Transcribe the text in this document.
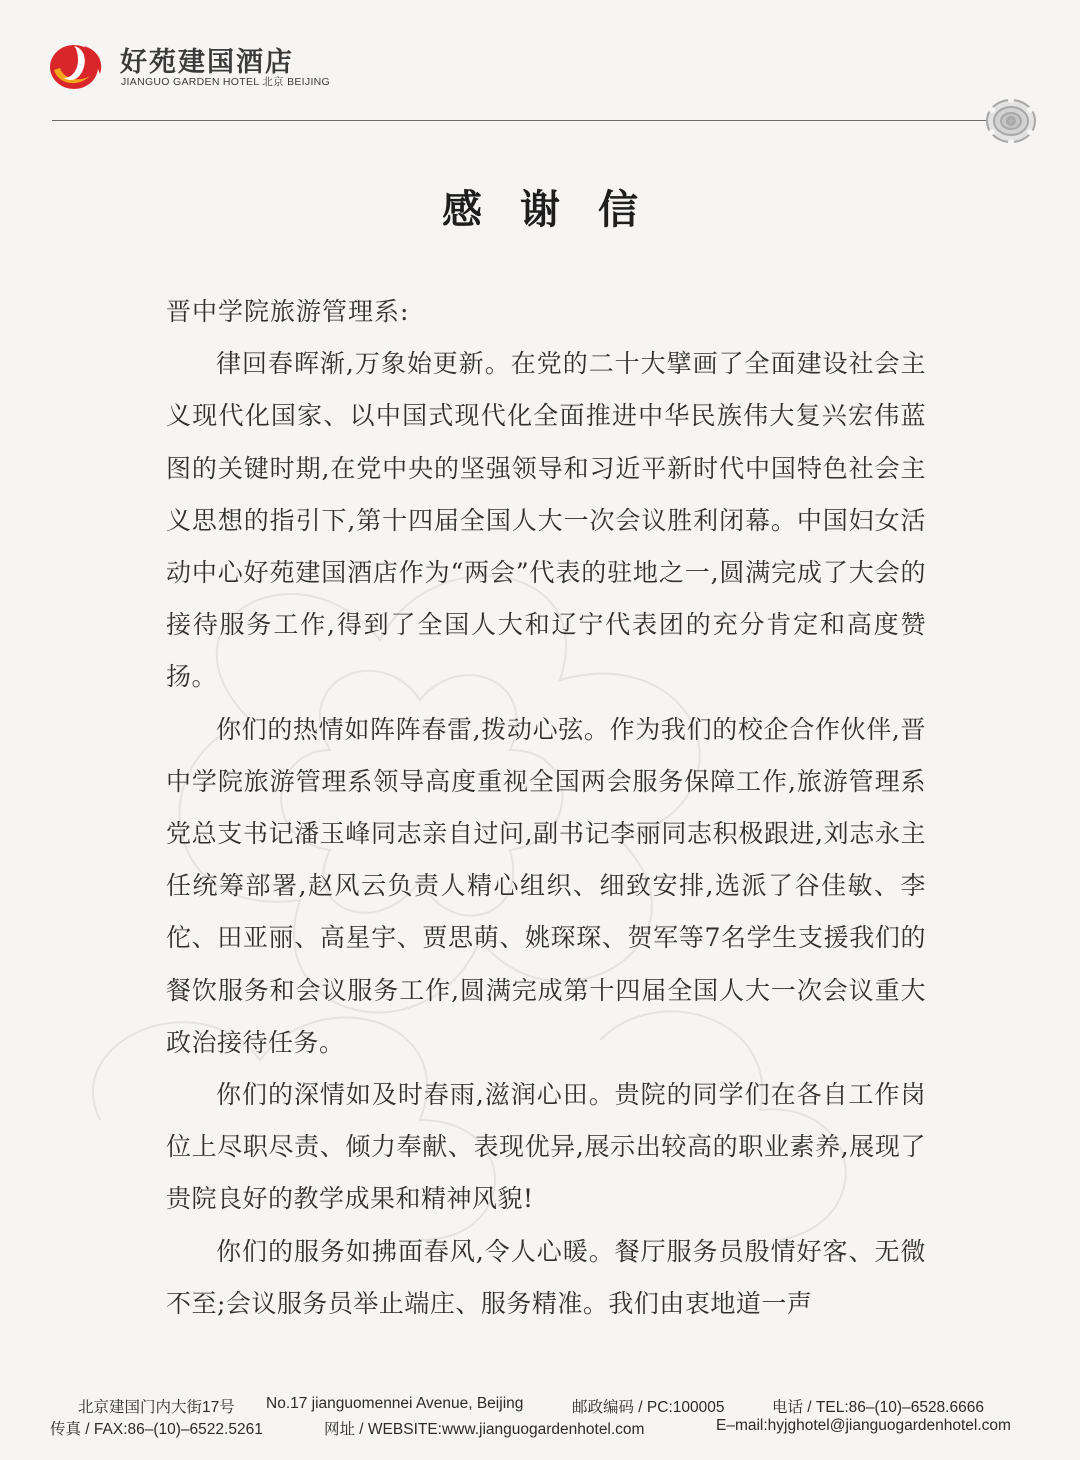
好苑建国酒店
JIANGUO GARDEN HOTEL 北京 BEIJING
感谢信

晋中学院旅游管理系:

律回春晖渐,万象始更新。在党的二十大擘画了全面建设社会主义现代化国家、以中国式现代化全面推进中华民族伟大复兴宏伟蓝图的关键时期,在党中央的坚强领导和习近平新时代中国特色社会主义思想的指引下,第十四届全国人大一次会议胜利闭幕。中国妇女活动中心好苑建国酒店作为“两会”代表的驻地之一,圆满完成了大会的接待服务工作,得到了全国人大和辽宁代表团的充分肯定和高度赞扬。

你们的热情如阵阵春雷,拨动心弦。作为我们的校企合作伙伴,晋中学院旅游管理系领导高度重视全国两会服务保障工作,旅游管理系党总支书记潘玉峰同志亲自过问,副书记李丽同志积极跟进,刘志永主任统筹部署,赵风云负责人精心组织、细致安排,选派了谷佳敏、李佗、田亚丽、高星宇、贾思萌、姚琛琛、贺军等7名学生支援我们的餐饮服务和会议服务工作,圆满完成第十四届全国人大一次会议重大政治接待任务。

你们的深情如及时春雨,滋润心田。贵院的同学们在各自工作岗位上尽职尽责、倾力奉献、表现优异,展示出较高的职业素养,展现了贵院良好的教学成果和精神风貌!

你们的服务如拂面春风,令人心暖。餐厅服务员殷情好客、无微不至;会议服务员举止端庄、服务精准。我们由衷地道一声

北京建国门内大街17号 No.17 jianguomennei Avenue, Beijing	邮政编码 / PC:100005	电话 / TEL:86–(10)–6528.6666
传真 / FAX:86–(10)–6522.5261	网址 / WEBSITE:www.jianguogardenhotel.com	E–mail:hyjghotel@jianguogardenhotel.com
